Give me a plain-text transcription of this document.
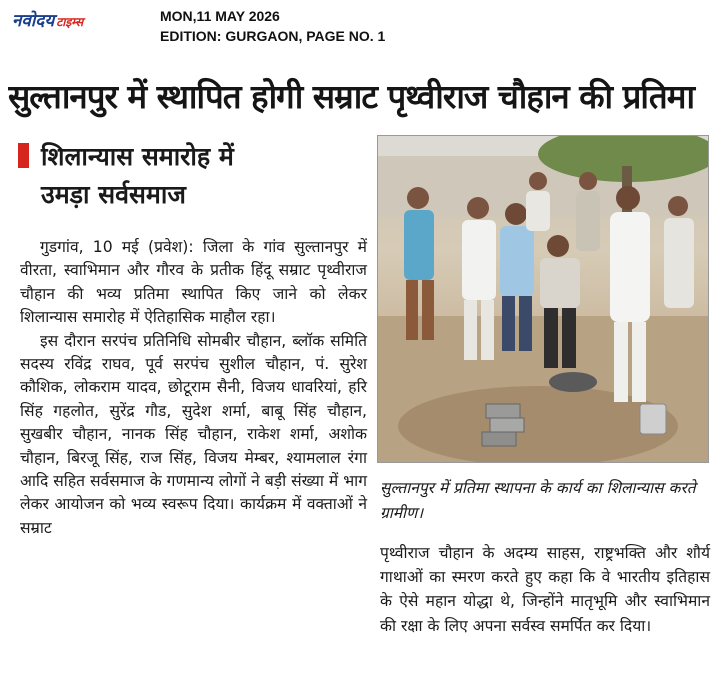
नवोदय टाइम्स	MON,11 MAY 2026
EDITION: GURGAON, PAGE NO. 1
सुल्तानपुर में स्थापित होगी सम्राट पृथ्वीराज चौहान की प्रतिमा
शिलान्यास समारोह में
उमड़ा सर्वसमाज

गुडगांव, 10 मई (प्रवेश): जिला के गांव सुल्तानपुर में वीरता, स्वाभिमान और गौरव के प्रतीक हिंदू सम्राट पृथ्वीराज चौहान की भव्य प्रतिमा स्थापित किए जाने को लेकर शिलान्यास समारोह में ऐतिहासिक माहौल रहा।

इस दौरान सरपंच प्रतिनिधि सोमबीर चौहान, ब्लॉक समिति सदस्य रविंद्र राघव, पूर्व सरपंच सुशील चौहान, पं. सुरेश कौशिक, लोकराम यादव, छोटूराम सैनी, विजय धावरियां, हरि सिंह गहलोत, सुरेंद्र गौड, सुदेश शर्मा, बाबू सिंह चौहान, सुखबीर चौहान, नानक सिंह चौहान, राकेश शर्मा, अशोक चौहान, बिरजू सिंह, राज सिंह, विजय मेम्बर, श्यामलाल रंगा आदि सहित सर्वसमाज के गणमान्य लोगों ने बड़ी संख्या में भाग लेकर आयोजन को भव्य स्वरूप दिया। कार्यक्रम में वक्ताओं ने सम्राट

सुल्तानपुर में प्रतिमा स्थापना के कार्य का शिलान्यास करते ग्रामीण।

पृथ्वीराज चौहान के अदम्य साहस, राष्ट्रभक्ति और शौर्य गाथाओं का स्मरण करते हुए कहा कि वे भारतीय इतिहास के ऐसे महान योद्धा थे, जिन्होंने मातृभूमि और स्वाभिमान की रक्षा के लिए अपना सर्वस्व समर्पित कर दिया।
